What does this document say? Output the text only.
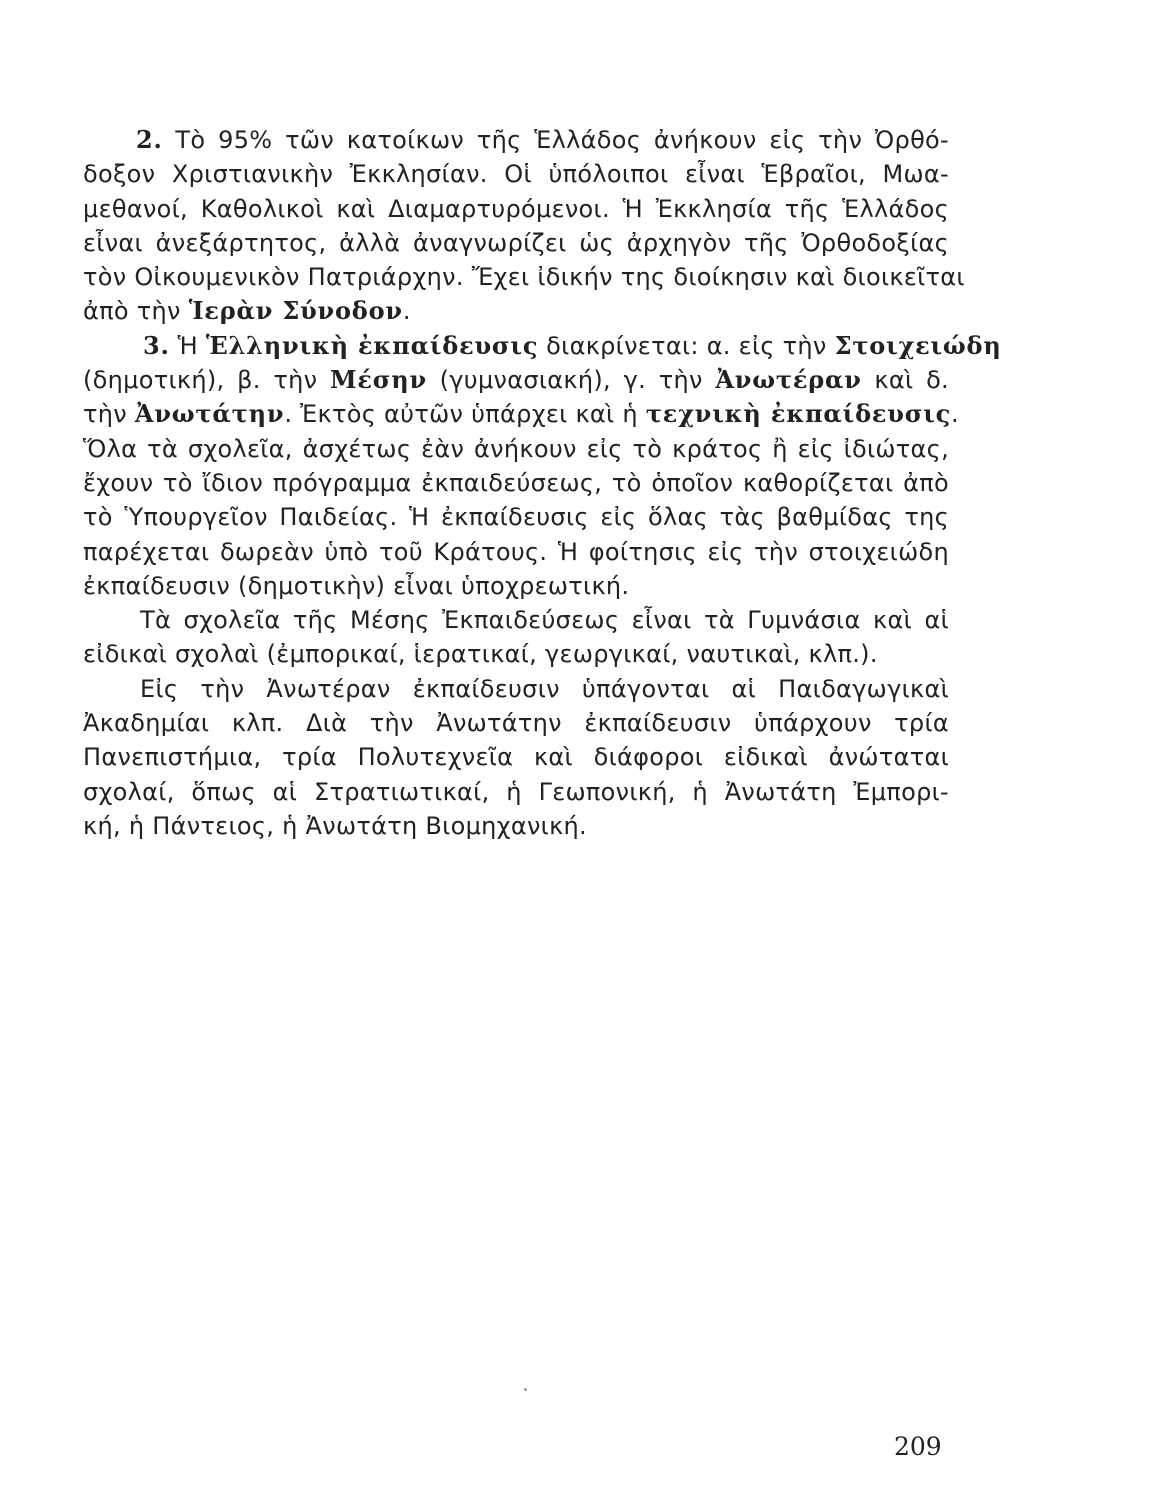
2. Τὸ 95% τῶν κατοίκων τῆς Ἑλλάδος ἀνήκουν εἰς τὴν Ὀρθό-
δοξον Χριστιανικὴν Ἐκκλησίαν. Οἱ ὑπόλοιποι εἶναι Ἑβραῖοι, Μωα-
μεθανοί, Καθολικοὶ καὶ Διαμαρτυρόμενοι. Ἡ Ἐκκλησία τῆς Ἑλλάδος
εἶναι ἀνεξάρτητος, ἀλλὰ ἀναγνωρίζει ὡς ἀρχηγὸν τῆς Ὀρθοδοξίας
τὸν Οἰκουμενικὸν Πατριάρχην. Ἔχει ἰδικήν της διοίκησιν καὶ διοικεῖται
ἀπὸ τὴν Ἱερὰν Σύνοδον.
3. Ἡ Ἑλληνικὴ ἐκπαίδευσις διακρίνεται: α. εἰς τὴν Στοιχειώδη
(δημοτική), β. τὴν Μέσην (γυμνασιακή), γ. τὴν Ἀνωτέραν καὶ δ.
τὴν Ἀνωτάτην. Ἐκτὸς αὐτῶν ὑπάρχει καὶ ἡ τεχνικὴ ἐκπαίδευσις.
Ὅλα τὰ σχολεῖα, ἀσχέτως ἐὰν ἀνήκουν εἰς τὸ κράτος ἢ εἰς ἰδιώτας,
ἔχουν τὸ ἴδιον πρόγραμμα ἐκπαιδεύσεως, τὸ ὁποῖον καθορίζεται ἀπὸ
τὸ Ὑπουργεῖον Παιδείας. Ἡ ἐκπαίδευσις εἰς ὅλας τὰς βαθμίδας της
παρέχεται δωρεὰν ὑπὸ τοῦ Κράτους. Ἡ φοίτησις εἰς τὴν στοιχειώδη
ἐκπαίδευσιν (δημοτικὴν) εἶναι ὑποχρεωτική.
Τὰ σχολεῖα τῆς Μέσης Ἐκπαιδεύσεως εἶναι τὰ Γυμνάσια καὶ αἱ
εἰδικαὶ σχολαὶ (ἐμπορικαί, ἱερατικαί, γεωργικαί, ναυτικαὶ, κλπ.).
Εἰς τὴν Ἀνωτέραν ἐκπαίδευσιν ὑπάγονται αἱ Παιδαγωγικαὶ
Ἀκαδημίαι κλπ. Διὰ τὴν Ἀνωτάτην ἐκπαίδευσιν ὑπάρχουν τρία
Πανεπιστήμια, τρία Πολυτεχνεῖα καὶ διάφοροι εἰδικαὶ ἀνώταται
σχολαί, ὅπως αἱ Στρατιωτικαί, ἡ Γεωπονική, ἡ Ἀνωτάτη Ἐμπορι-
κή, ἡ Πάντειος, ἡ Ἀνωτάτη Βιομηχανική.
209
